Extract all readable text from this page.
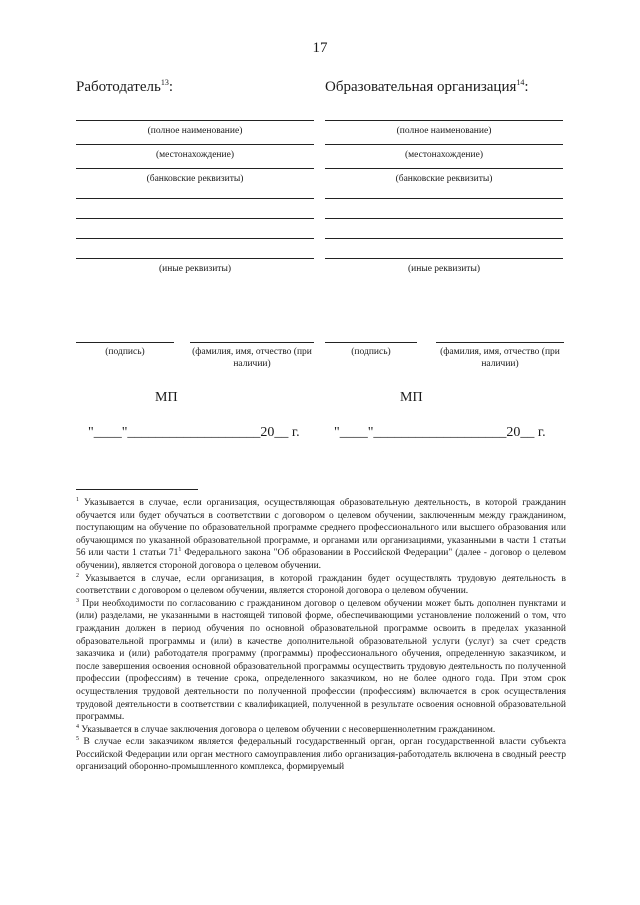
17
Работодатель$^{13}$:
(полное наименование)
(местонахождение)
(банковские реквизиты)
(иные реквизиты)
Образовательная организация$^{14}$:
(полное наименование)
(местонахождение)
(банковские реквизиты)
(иные реквизиты)
(подпись)	(фамилия, имя, отчество (при наличии)
(подпись)	(фамилия, имя, отчество (при наличии)
МП	МП
"____"___________________20__ г. "____"___________________20__ г.

$^1$ Указывается в случае, если организация, осуществляющая образовательную деятельность, в которой гражданин обучается или будет обучаться в соответствии с договором о целевом обучении, заключенным между гражданином, поступающим на обучение по образовательной программе среднего профессионального или высшего образования или обучающимся по указанной образовательной программе, и органами или организациями, указанными в части 1 статьи 56 или части 1 статьи $71^1$ Федерального закона "Об образовании в Российской Федерации" (далее - договор о целевом обучении), является стороной договора о целевом обучении.

$^2$ Указывается в случае, если организация, в которой гражданин будет осуществлять трудовую деятельность в соответствии с договором о целевом обучении, является стороной договора о целевом обучении.

$^3$ При необходимости по согласованию с гражданином договор о целевом обучении может быть дополнен пунктами и (или) разделами, не указанными в настоящей типовой форме, обеспечивающими установление положений о том, что гражданин должен в период обучения по основной образовательной программе освоить в пределах указанной образовательной программы и (или) в качестве дополнительной образовательной услуги (услуг) за счет средств заказчика и (или) работодателя программу (программы) профессионального обучения, определенную заказчиком, и после завершения освоения основной образовательной программы осуществить трудовую деятельность по полученной профессии (профессиям) в течение срока, определенного заказчиком, но не более одного года. При этом срок осуществления трудовой деятельности по полученной профессии (профессиям) включается в срок осуществления трудовой деятельности в соответствии с квалификацией, полученной в результате освоения основной образовательной программы.

$^4$ Указывается в случае заключения договора о целевом обучении с несовершеннолетним гражданином.

$^5$ В случае если заказчиком является федеральный государственный орган, орган государственной власти субъекта Российской Федерации или орган местного самоуправления либо организация-работодатель включена в сводный реестр организаций оборонно-промышленного комплекса, формируемый
